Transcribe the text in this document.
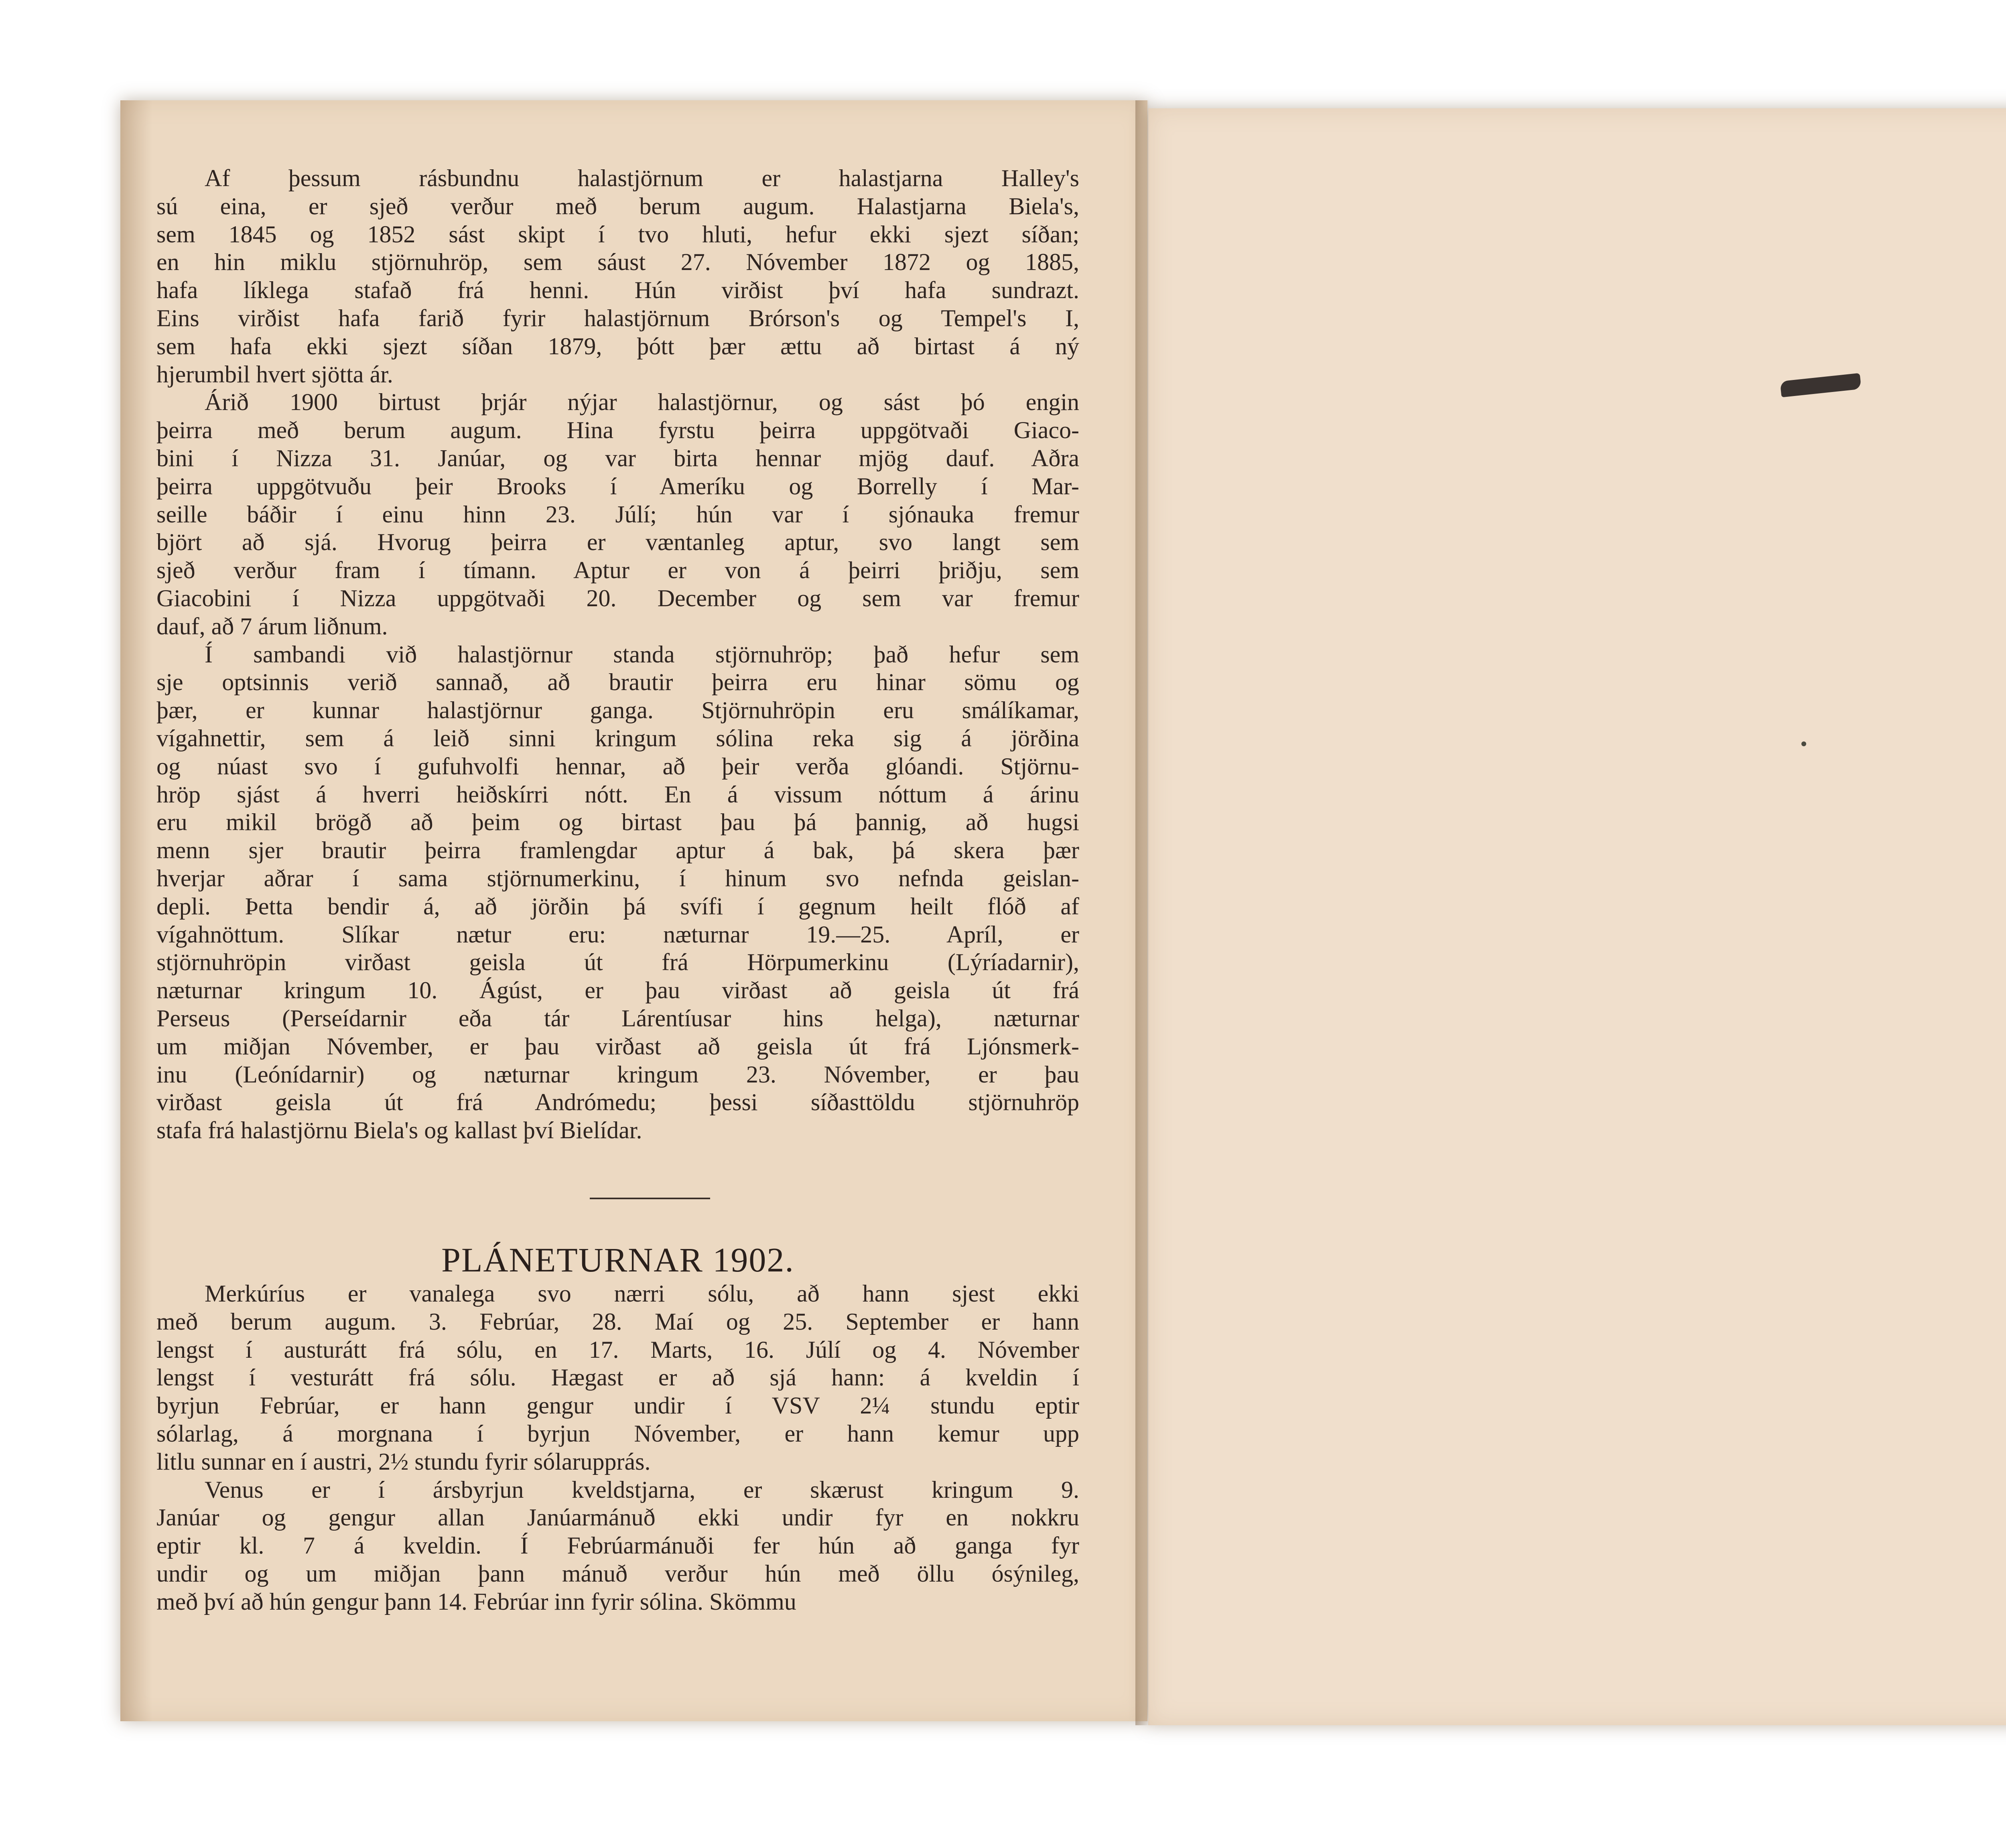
Af þessum rásbundnu halastjörnum er halastjarna Halley's
sú eina, er sjeð verður með berum augum. Halastjarna Biela's,
sem 1845 og 1852 sást skipt í tvo hluti, hefur ekki sjezt síðan;
en hin miklu stjörnuhröp, sem sáust 27. Nóvember 1872 og 1885,
hafa líklega stafað frá henni. Hún virðist því hafa sundrazt.
Eins virðist hafa farið fyrir halastjörnum Brórson's og Tempel's I,
sem hafa ekki sjezt síðan 1879, þótt þær ættu að birtast á ný
hjerumbil hvert sjötta ár.
Árið 1900 birtust þrjár nýjar halastjörnur, og sást þó engin
þeirra með berum augum. Hina fyrstu þeirra uppgötvaði Giaco-
bini í Nizza 31. Janúar, og var birta hennar mjög dauf. Aðra
þeirra uppgötvuðu þeir Brooks í Ameríku og Borrelly í Mar-
seille báðir í einu hinn 23. Júlí; hún var í sjónauka fremur
björt að sjá. Hvorug þeirra er væntanleg aptur, svo langt sem
sjeð verður fram í tímann. Aptur er von á þeirri þriðju, sem
Giacobini í Nizza uppgötvaði 20. December og sem var fremur
dauf, að 7 árum liðnum.
Í sambandi við halastjörnur standa stjörnuhröp; það hefur sem
sje optsinnis verið sannað, að brautir þeirra eru hinar sömu og
þær, er kunnar halastjörnur ganga. Stjörnuhröpin eru smálíkamar,
vígahnettir, sem á leið sinni kringum sólina reka sig á jörðina
og núast svo í gufuhvolfi hennar, að þeir verða glóandi. Stjörnu-
hröp sjást á hverri heiðskírri nótt. En á vissum nóttum á árinu
eru mikil brögð að þeim og birtast þau þá þannig, að hugsi
menn sjer brautir þeirra framlengdar aptur á bak, þá skera þær
hverjar aðrar í sama stjörnumerkinu, í hinum svo nefnda geislan-
depli. Þetta bendir á, að jörðin þá svífi í gegnum heilt flóð af
vígahnöttum. Slíkar nætur eru: næturnar 19.—25. Apríl, er
stjörnuhröpin virðast geisla út frá Hörpumerkinu (Lýríadarnir),
næturnar kringum 10. Ágúst, er þau virðast að geisla út frá
Perseus (Perseídarnir eða tár Lárentíusar hins helga), næturnar
um miðjan Nóvember, er þau virðast að geisla út frá Ljónsmerk-
inu (Leónídarnir) og næturnar kringum 23. Nóvember, er þau
virðast geisla út frá Andrómedu; þessi síðasttöldu stjörnuhröp
stafa frá halastjörnu Biela's og kallast því Bielídar.
PLÁNETURNAR 1902.
Merkúríus er vanalega svo nærri sólu, að hann sjest ekki
með berum augum. 3. Febrúar, 28. Maí og 25. September er hann
lengst í austurátt frá sólu, en 17. Marts, 16. Júlí og 4. Nóvember
lengst í vesturátt frá sólu. Hægast er að sjá hann: á kveldin í
byrjun Febrúar, er hann gengur undir í VSV 2¼ stundu eptir
sólarlag, á morgnana í byrjun Nóvember, er hann kemur upp
litlu sunnar en í austri, 2½ stundu fyrir sólarupprás.
Venus er í ársbyrjun kveldstjarna, er skærust kringum 9.
Janúar og gengur allan Janúarmánuð ekki undir fyr en nokkru
eptir kl. 7 á kveldin. Í Febrúarmánuði fer hún að ganga fyr
undir og um miðjan þann mánuð verður hún með öllu ósýnileg,
með því að hún gengur þann 14. Febrúar inn fyrir sólina. Skömmu
